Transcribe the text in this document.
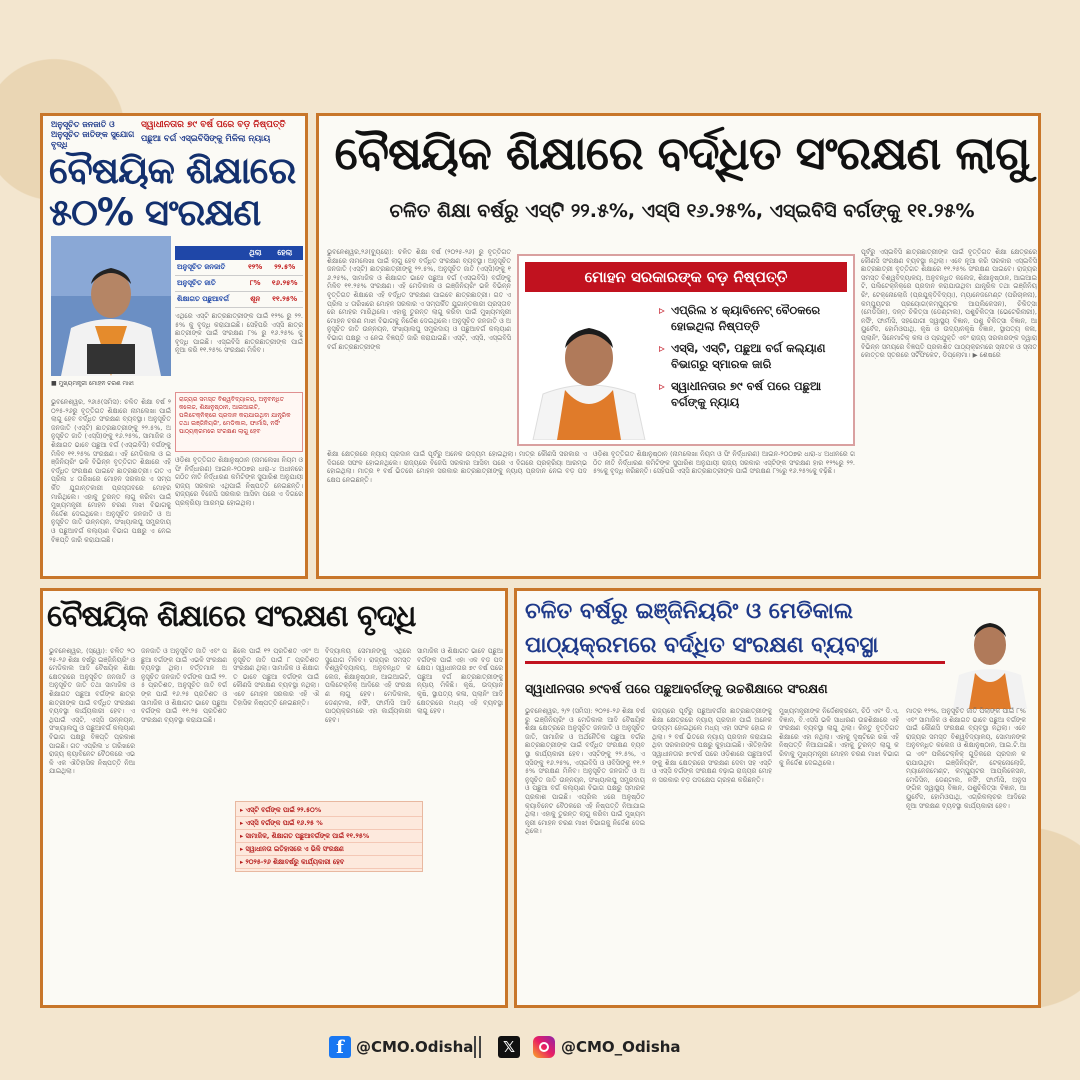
ଅନୁସୂଚିତ ଜନଜାତି ଓ ଅନୁସୂଚିତ ଜାତିଙ୍କ ସୁଯୋଗ ବୃଦ୍ଧି
ସ୍ୱାଧୀନତାର ୭୯ ବର୍ଷ ପରେ ବଡ଼ ନିଷ୍ପତ୍ତି
ପଛୁଆ ବର୍ଗ ଏସ୍‌ଇବିସିଙ୍କୁ ମିଳିଲା ନ୍ୟାୟ
ବୈଷୟିକ ଶିକ୍ଷାରେ
୫୦% ସଂରକ୍ଷଣ
■ ମୁଖ୍ୟମନ୍ତ୍ରୀ ମୋହନ ଚରଣ ମାଝୀ
	ଥିଲା	ହେଲା
ଅନୁସୂଚିତ ଜନଜାତି	୧୨%	୨୨.୫%
ଅନୁସୂଚିତ ଜାତି	୮%	୧୬.୨୫%
ଶିକ୍ଷାଗତ ପଛୁଆବର୍ଗ	ଶୂନ	୧୧.୨୫%
ଏଥିରେ ଏସ୍‌ଟି ଛାତ୍ରଛାତ୍ରୀଙ୍କ ପାଇଁ ୧୨% ରୁ ୨୨.୫% କୁ ବୃଦ୍ଧି କରାଯାଇଛି। ସେହିପରି ଏସ୍‌ସି ଛାତ୍ରଛାତ୍ରୀଙ୍କ ପାଇଁ ସଂରକ୍ଷଣ ୮% ରୁ ୧୬.୨୫% କୁ ବୃଦ୍ଧି ପାଇଛି। ଏସ୍‌ଇବିସି ଛାତ୍ରଛାତ୍ରୀଙ୍କ ପାଇଁ ନୂଆ କରି ୧୧.୨୫% ସଂରକ୍ଷଣ ମିଳିବ।
ରାଜ୍ୟର ସମସ୍ତ ବିଶ୍ୱବିଦ୍ୟାଳୟ, ଅନୁବନ୍ଧିତ କଲେଜ, ଶିକ୍ଷାନୁଷ୍ଠାନ, ଆଇଆଇଟି, ପଲିଟେକ୍‌ନିକ୍‌ରେ ପ୍ରଦାନ କରାଯାଉଥିବା ଯାନ୍ତ୍ରିକ ତଥା ଇଞ୍ଜିନିୟରିଂ, ମେଡିକାଲ, ଫାର୍ମାସି, ନର୍ସିଂ ପାଠ୍ୟକ୍ରମରେ ସଂରକ୍ଷଣ ଲାଗୁ ହେବ
ଭୁବନେଶ୍ୱର, ୨୬ା୫(ସମିସ): ଚଳିତ ଶିକ୍ଷା ବର୍ଷ ୨୦୨୫-୨୬ରୁ ବୃତ୍ତିଗତ ଶିକ୍ଷାରେ ନାମଲେଖା ପାଇଁ ଲାଗୁ ହେବ ବର୍ଦ୍ଧିତ ସଂରକ୍ଷଣ ବ୍ୟବସ୍ଥା। ଅନୁସୂଚିତ ଜନଜାତି (ଏସ୍‌ଟି) ଛାତ୍ରଛାତ୍ରୀଙ୍କୁ ୨୨.୫%, ଅନୁସୂଚିତ ଜାତି (ଏସ୍‌ସି)ଙ୍କୁ ୧୬.୨୫%, ସାମାଜିକ ଓ ଶିକ୍ଷାଗତ ଭାବେ ପଛୁଆ ବର୍ଗ (ଏସ୍‌ଇବିସି) ବର୍ଗଙ୍କୁ ମିଳିବ ୧୧.୨୫% ସଂରକ୍ଷଣ। ଏହି ମେଡିକାଲ ଓ ଇଞ୍ଜିନିୟରିଂ ଭଳି ବିଭିନ୍ନ ବୃତ୍ତିଗତ ଶିକ୍ଷାରେ ଏହି ବର୍ଦ୍ଧିତ ସଂରକ୍ଷଣ ପାଇବେ ଛାତ୍ରଛାତ୍ରୀ। ଗତ ଏପ୍ରିଲ ୪ ତାରିଖରେ ମୋହନ ସରକାର ଏ ସମ୍ପର୍କିତ ଯୁଗାନ୍ତକାରୀ ପ୍ରସ୍ତାବରେ ମୋହର ମାରିଥିଲେ। ଏହାକୁ ତୁରନ୍ତ ଲାଗୁ କରିବା ପାଇଁ ମୁଖ୍ୟମନ୍ତ୍ରୀ ମୋହନ ଚରଣ ମାଝୀ ବିଭାଗକୁ ନିର୍ଦ୍ଦେଶ ଦେଇଥିଲେ। ଅନୁସୂଚିତ ଜନଜାତି ଓ ଅନୁସୂଚିତ ଜାତି ଉନ୍ନୟନ, ସଂଖ୍ୟାଲଘୁ ସମ୍ପ୍ରଦାୟ ଓ ପଛୁଆବର୍ଗ କଲ୍ୟାଣ ବିଭାଗ ପକ୍ଷରୁ ଏ ନେଇ ବିଜ୍ଞପ୍ତି ଜାରି କରାଯାଇଛି।
ଓଡ଼ିଶା ବୃତ୍ତିଗତ ଶିକ୍ଷାନୁଷ୍ଠାନ (ନାମଲେଖା ନିୟମ ଓ ଫି ନିର୍ଦ୍ଧାରଣ) ଆଇନ-୨୦୦୭ର ଧାରା-୪ ଅଧୀନରେ ଗଠିତ ନୀତି ନିର୍ଦ୍ଧାରଣ କମିଟିଙ୍କ ସୁପାରିଶ ଅନୁଯାୟୀ ରାଜ୍ୟ ସରକାର ଏଥିପାଇଁ ନିଷ୍ପତ୍ତି ନେଇଛନ୍ତି। ରାଜ୍ୟରେ ବିଜେପି ସରକାର ଆସିବା ପରେ ଏ ଦିଗରେ ପ୍ରକ୍ରିୟା ଆରମ୍ଭ ହୋଇଥିଲା।
ବୈଷୟିକ ଶିକ୍ଷାରେ ବର୍ଦ୍ଧିତ ସଂରକ୍ଷଣ ଲାଗୁ
ଚଳିତ ଶିକ୍ଷା ବର୍ଷରୁ ଏସ୍‌ଟି ୨୨.୫%, ଏସ୍‌ସି ୧୬.୨୫%, ଏସ୍‌ଇବିସି ବର୍ଗଙ୍କୁ ୧୧.୨୫%
ଭୁବନେଶ୍ୱର,୨୬(ବ୍ୟୁରୋ): ଚଳିତ ଶିକ୍ଷା ବର୍ଷ (୨୦୨୫-୨୬) ରୁ ବୃତ୍ତିଗତ ଶିକ୍ଷାରେ ନାମଲେଖା ପାଇଁ ଲାଗୁ ହେବ ବର୍ଦ୍ଧିତ ସଂରକ୍ଷଣ ବ୍ୟବସ୍ଥା। ଅନୁସୂଚିତ ଜନଜାତି (ଏସ୍‌ଟି) ଛାତ୍ରଛାତ୍ରୀଙ୍କୁ ୨୨.୫%, ଅନୁସୂଚିତ ଜାତି (ଏସ୍‌ସି)ଙ୍କୁ ୧୬.୨୫%, ସାମାଜିକ ଓ ଶିକ୍ଷାଗତ ଭାବେ ପଛୁଆ ବର୍ଗ (ଏସ୍‌ଇବିସି) ବର୍ଗଙ୍କୁ ମିଳିବ ୧୧.୨୫% ସଂରକ୍ଷଣ। ଏହି ମେଡିକାଲ ଓ ଇଞ୍ଜିନିୟରିଂ ଭଳି ବିଭିନ୍ନ ବୃତ୍ତିଗତ ଶିକ୍ଷାରେ ଏହି ବର୍ଦ୍ଧିତ ସଂରକ୍ଷଣ ପାଇବେ ଛାତ୍ରଛାତ୍ରୀ। ଗତ ଏପ୍ରିଲ ୪ ତାରିଖରେ ମୋହନ ସରକାର ଏ ସମ୍ପର୍କିତ ଯୁଗାନ୍ତକାରୀ ପ୍ରସ୍ତାବରେ ମୋହର ମାରିଥିଲେ। ଏହାକୁ ତୁରନ୍ତ ଲାଗୁ କରିବା ପାଇଁ ମୁଖ୍ୟମନ୍ତ୍ରୀ ମୋହନ ଚରଣ ମାଝୀ ବିଭାଗକୁ ନିର୍ଦ୍ଦେଶ ଦେଇଥିଲେ। ଅନୁସୂଚିତ ଜନଜାତି ଓ ଅନୁସୂଚିତ ଜାତି ଉନ୍ନୟନ, ସଂଖ୍ୟାଲଘୁ ସମ୍ପ୍ରଦାୟ ଓ ପଛୁଆବର୍ଗ କଲ୍ୟାଣ ବିଭାଗ ପକ୍ଷରୁ ଏ ନେଇ ବିଜ୍ଞପ୍ତି ଜାରି କରାଯାଇଛି। ଏସ୍‌ଟି, ଏସ୍‌ସି, ଏସ୍‌ଇବିସି ବର୍ଗ ଛାତ୍ରଛାତ୍ରୀଙ୍କ
ମୋହନ ସରକାରଙ୍କ ବଡ଼ ନିଷ୍ପତ୍ତି
▹ ଏପ୍ରିଲ ୪ କ୍ୟାବିନେଟ୍ ବୈଠକରେ ହୋଇଥିଲା ନିଷ୍ପତ୍ତି
▹ ଏସ୍‌ସି, ଏସ୍‌ଟି, ପଛୁଆ ବର୍ଗ କଲ୍ୟାଣ ବିଭାଗରୁ ସ୍ମାରକ ଜାରି
▹ ସ୍ୱାଧୀନତାର ୭୯ ବର୍ଷ ପରେ ପଛୁଆ ବର୍ଗଙ୍କୁ ନ୍ୟାୟ
ପୂର୍ବରୁ ଏସ୍‌ଇବିସି ଛାତ୍ରଛାତ୍ରୀଙ୍କ ପାଇଁ ବୃତ୍ତିଗତ ଶିକ୍ଷା କ୍ଷେତ୍ରରେ କୌଣସି ସଂରକ୍ଷଣ ବ୍ୟବସ୍ଥା ନଥିଲା। ଏବେ ନୂଆ କରି ସରକାର ଏସ୍‌ଇବିସି ଛାତ୍ରଛାତ୍ରୀ ବୃତ୍ତିଗତ ଶିକ୍ଷାରେ ୧୧.୨୫% ସଂରକ୍ଷଣ ପାଇବେ। ରାଜ୍ୟର ସମସ୍ତ ବିଶ୍ୱବିଦ୍ୟାଳୟ, ଅନୁବନ୍ଧିତ କଲେଜ, ଶିକ୍ଷାନୁଷ୍ଠାନ, ଆଇଆଇଟି, ପଲିଟେକ୍‌ନିକ୍‌ରେ ପ୍ରଦାନ କରାଯାଉଥିବା ଯାନ୍ତ୍ରିକ ତଥା ଇଞ୍ଜିନିୟରିଂ, ଟେକ୍ନୋଲୋଜି (ପ୍ରଯୁକ୍ତିବିଦ୍ୟା), ମ୍ୟାନେଜମେଣ୍ଟ (ପରିଚାଳନା), କମ୍ପ୍ୟୁଟର ପ୍ରୟୋଗ(କମ୍ପ୍ୟୁଟର ଆପ୍ଲିକେସନ), ଚିକିତ୍ସା (ମେଡିସିନ), ଦନ୍ତ ଚିକିତ୍ସା (ଡେଣ୍ଟାଲ), ପଶୁଚିକିତ୍ସା (ଭେଟେରିନାରୀ), ନର୍ସିଂ, ଫାର୍ମାସି, ସହଯୋଗୀ ସ୍ୱାସ୍ଥ୍ୟ ବିଜ୍ଞାନ, ପଶୁ ଚିକିତ୍ସା ବିଜ୍ଞାନ, ଆୟୁର୍ବେଦ, ହୋମିଓପାଥି, କୃଷି ଓ ଉଦ୍ୟାନକୃଷି ବିଜ୍ଞାନ, ସ୍ଥାପତ୍ୟ କଳା, ପ୍ଲାନିଂ, ସିନେମାଟିକ୍ କଳା ଓ ପ୍ରଯୁକ୍ତି ଏବଂ ରାଜ୍ୟ ସରକାରଙ୍କ ଦ୍ୱାରା ବିଭିନ୍ନ ସମୟରେ ବିଜ୍ଞପ୍ତି ପ୍ରକାଶିତ ପାଠ୍ୟକ୍ରମରେ ସ୍ନାତକ ଓ ସ୍ନାତକୋତ୍ତର ସ୍ତରରେ ସର୍ଟିଫିକେଟ, ଡିପ୍ଲୋମା। ▶ ଶେଷରେ
ଶିକ୍ଷା କ୍ଷେତ୍ରରେ ନ୍ୟାୟ ପ୍ରଦାନ ପାଇଁ ପୂର୍ବରୁ ଅନେକ ଉଦ୍ୟମ ହୋଇଥିଲା। ମାତ୍ର କୌଣସି ସରକାର ଏ ଦିଗରେ ସଫଳ ହୋଇନଥିଲେ। ରାଜ୍ୟରେ ବିଜେପି ସରକାର ଆସିବା ପରେ ଏ ଦିଗରେ ପ୍ରକ୍ରିୟା ଆରମ୍ଭ ହୋଇଥିଲା। ମାତ୍ର ୧ ବର୍ଷ ଭିତରେ ମୋହନ ସରକାର ଛାତ୍ରଛାତ୍ରୀଙ୍କୁ ନ୍ୟାୟ ପ୍ରଦାନ ନେଇ ବଡ଼ ପଦକ୍ଷେପ ନେଇଛନ୍ତି।
ଓଡ଼ିଶା ବୃତ୍ତିଗତ ଶିକ୍ଷାନୁଷ୍ଠାନ (ନାମଲେଖା ନିୟମ ଓ ଫି ନିର୍ଦ୍ଧାରଣ) ଆଇନ-୨୦୦୭ର ଧାରା-୪ ଅଧୀନରେ ଗଠିତ ନୀତି ନିର୍ଦ୍ଧାରଣ କମିଟିଙ୍କ ସୁପାରିଶ ଅନୁଯାୟୀ ରାଜ୍ୟ ସରକାର ଏସ୍‌ଟିଙ୍କ ସଂରକ୍ଷଣ ହାର ୧୨%ରୁ ୨୨.୫%କୁ ବୃଦ୍ଧି କରିଛନ୍ତି। ସେହିପରି ଏସ୍‌ସି ଛାତ୍ରଛାତ୍ରୀଙ୍କ ପାଇଁ ସଂରକ୍ଷଣ ୮%ରୁ ୧୬.୨୫%କୁ ବଢ଼ିଛି।
ବୈଷୟିକ ଶିକ୍ଷାରେ ସଂରକ୍ଷଣ ବୃଦ୍ଧି
ଭୁବନେଶ୍ୱର, (ସ୍ୱୋ): ଚଳିତ ୨୦୨୫-୨୬ ଶିକ୍ଷା ବର୍ଷରୁ ଇଞ୍ଜିନିୟରିଂ ଓ ମେଡିକାଲ ଆଦି ବୈଷୟିକ ଶିକ୍ଷା କ୍ଷେତ୍ରରେ ଅନୁସୂଚିତ ଜନଜାତି ଓ ଅନୁସୂଚିତ ଜାତି ତଥା ସାମାଜିକ ଓ ଶିକ୍ଷାଗତ ପଛୁଆ ବର୍ଗଙ୍କ ଛାତ୍ରଛାତ୍ରୀଙ୍କ ପାଇଁ ବର୍ଦ୍ଧିତ ସଂରକ୍ଷଣ ବ୍ୟବସ୍ଥା କାର୍ଯ୍ୟକାରୀ ହେବ। ଏଥିପାଇଁ ଏସ୍‌ଟି, ଏସ୍‌ସି ଉନ୍ନୟନ, ସଂଖ୍ୟାଲଘୁ ଓ ପଛୁଆବର୍ଗ କଲ୍ୟାଣ ବିଭାଗ ପକ୍ଷରୁ ବିଜ୍ଞପ୍ତି ପ୍ରକାଶ ପାଇଛି। ଗତ ଏପ୍ରିଲ ୪ ତାରିଖରେ ରାଜ୍ୟ କ୍ୟାବିନେଟ ବୈଠକରେ ଏଭଳି ଏକ ଐତିହାସିକ ନିଷ୍ପତ୍ତି ନିଆଯାଇଥିଲା।
ଜନଜାତି ଓ ଅନୁସୂଚିତ ଜାତି ଏବଂ ପଛୁଆ ବର୍ଗଙ୍କ ପାଇଁ ଏଭଳି ସଂରକ୍ଷଣ ବ୍ୟବସ୍ଥା ଥିଲା। ବର୍ତ୍ତମାନ ଅନୁସୂଚିତ ଜନଜାତି ବର୍ଗଙ୍କ ପାଇଁ ୨୨.୫ ପ୍ରତିଶତ, ଅନୁସୂଚିତ ଜାତି ବର୍ଗଙ୍କ ପାଇଁ ୧୬.୨୫ ପ୍ରତିଶତ ଓ ସାମାଜିକ ଓ ଶିକ୍ଷାଗତ ଭାବେ ପଛୁଆ ବର୍ଗଙ୍କ ପାଇଁ ୧୧.୨୫ ପ୍ରତିଶତ ସଂରକ୍ଷଣ ବ୍ୟବସ୍ଥା କରାଯାଇଛି।
ଛିଲେ ପାଇଁ ୧୨ ପ୍ରତିଶତ ଏବଂ ଅନୁସୂଚିତ ଜାତି ପାଇଁ ୮ ପ୍ରତିଶତ ସଂରକ୍ଷଣ ଥିଲା। ସାମାଜିକ ଓ ଶିକ୍ଷାଗତ ଭାବେ ପଛୁଆ ବର୍ଗଙ୍କ ପାଇଁ କୌଣସି ସଂରକ୍ଷଣ ବ୍ୟବସ୍ଥା ନଥିଲା। ଏବେ ମୋହନ ସରକାର ଏହି ଐତିହାସିକ ନିଷ୍ପତ୍ତି ନେଇଛନ୍ତି।
ବିଦ୍ୟାଳୟ ସେମାନଙ୍କୁ ଏଥିରେ ସୁଯୋଗ ମିଳିବ। ରାଜ୍ୟର ସମସ୍ତ ବିଶ୍ୱବିଦ୍ୟାଳୟ, ଅନୁବନ୍ଧିତ କଲେଜ, ଶିକ୍ଷାନୁଷ୍ଠାନ, ଆଇଆଇଟି, ପଲିଟେକ୍‌ନିକ୍ ଆଦିରେ ଏହି ସଂରକ୍ଷଣ ଲାଗୁ ହେବ। ମେଡିକାଲ, ଡେଣ୍ଟାଲ, ନର୍ସିଂ, ଫାର୍ମାସି ଆଦି ପାଠ୍ୟକ୍ରମରେ ଏହା କାର୍ଯ୍ୟକାରୀ ହେବ।
ସାମାଜିକ ଓ ଶିକ୍ଷାଗତ ଭାବେ ପଛୁଆ ବର୍ଗଙ୍କ ପାଇଁ ଏହା ଏକ ବଡ଼ ପଦକ୍ଷେପ। ସ୍ୱାଧୀନତାର ୭୯ ବର୍ଷ ପରେ ପଛୁଆ ବର୍ଗ ଛାତ୍ରଛାତ୍ରୀଙ୍କୁ ନ୍ୟାୟ ମିଳିଛି। କୃଷି, ଉଦ୍ୟାନ କୃଷି, ସ୍ଥାପତ୍ୟ କଳା, ପ୍ଲାନିଂ ଆଦି କ୍ଷେତ୍ରରେ ମଧ୍ୟ ଏହି ବ୍ୟବସ୍ଥା ଲାଗୁ ହେବ।
▸ ଏସ୍‌ଟି ବର୍ଗଙ୍କ ପାଇଁ ୨୨.୫୦%
▸ ଏସ୍‌ସି ବର୍ଗଙ୍କ ପାଇଁ ୧୬.୨୫ %
▸ ସାମାଜିକ, ଶିକ୍ଷାଗତ ପଛୁଆବର୍ଗଙ୍କ ପାଇଁ ୧୧.୨୫%
▸ ସ୍ୱାଧୀନତା ଇତିହାସରେ ଏ ଭିଳି ସଂରକ୍ଷଣ
▸ ୨୦୨୫-୨୬ ଶିକ୍ଷାବର୍ଷରୁ କାର୍ଯ୍ୟକାରୀ ହେବ
ଚଳିତ ବର୍ଷରୁ ଇଞ୍ଜିନିୟରିଂ ଓ ମେଡିକାଲ
ପାଠ୍ୟକ୍ରମରେ ବର୍ଦ୍ଧିତ ସଂରକ୍ଷଣ ବ୍ୟବସ୍ଥା
ସ୍ୱାଧୀନତାର ୭୯ବର୍ଷ ପରେ ପଛୁଆବର୍ଗଙ୍କୁ ଉଚ୍ଚଶିକ୍ଷାରେ ସଂରକ୍ଷଣ
ଭୁବନେଶ୍ୱର, ୨/୨ (ସମିସ): ୨୦୨୫-୨୬ ଶିକ୍ଷା ବର୍ଷରୁ ଇଞ୍ଜିନିୟରିଂ ଓ ମେଡିକାଲ ଆଦି ବୈଷୟିକ ଶିକ୍ଷା କ୍ଷେତ୍ରରେ ଅନୁସୂଚିତ ଜନଜାତି ଓ ଅନୁସୂଚିତ ଜାତି, ସାମାଜିକ ଓ ଅର୍ଥନୈତିକ ପଛୁଆ ବର୍ଗର ଛାତ୍ରଛାତ୍ରୀଙ୍କ ପାଇଁ ବର୍ଦ୍ଧିତ ସଂରକ୍ଷଣ ବ୍ୟବସ୍ଥା କାର୍ଯ୍ୟକାରୀ ହେବ। ଏସ୍‌ଟିଙ୍କୁ ୨୨.୫%, ଏସ୍‌ସିଙ୍କୁ ୧୬.୨୫%, ଏସ୍‌ଇବିସି ଓ ଓବିସିଙ୍କୁ ୧୧.୨୫% ସଂରକ୍ଷଣ ମିଳିବ। ଅନୁସୂଚିତ ଜନଜାତି ଓ ଅନୁସୂଚିତ ଜାତି ଉନ୍ନୟନ, ସଂଖ୍ୟାଲଘୁ ସମ୍ପ୍ରଦାୟ ଓ ପଛୁଆ ବର୍ଗ କଲ୍ୟାଣ ବିଭାଗ ପକ୍ଷରୁ ସ୍ମାରକ ପ୍ରକାଶ ପାଇଛି। ଏପ୍ରିଲ ୪ରେ ଅନୁଷ୍ଠିତ କ୍ୟାବିନେଟ ବୈଠକରେ ଏହି ନିଷ୍ପତ୍ତି ନିଆଯାଇଥିଲା। ଏହାକୁ ତୁରନ୍ତ ଲାଗୁ କରିବା ପାଇଁ ମୁଖ୍ୟମନ୍ତ୍ରୀ ମୋହନ ଚରଣ ମାଝୀ ବିଭାଗକୁ ନିର୍ଦ୍ଦେଶ ଦେଇଥିଲେ।
ରାଜ୍ୟରେ ପୂର୍ବରୁ ପଛୁଆବର୍ଗର ଛାତ୍ରଛାତ୍ରୀଙ୍କୁ ଶିକ୍ଷା କ୍ଷେତ୍ରରେ ନ୍ୟାୟ ପ୍ରଦାନ ପାଇଁ ଅନେକ ଉଦ୍ୟମ ହୋଇଥିଲେ ମଧ୍ୟ ଏହା ସଫଳ ହୋଇ ନଥିଲା। ୨ ବର୍ଷ ଭିତରେ ନ୍ୟାୟ ପ୍ରଦାନ କରାଯାଇଥିବା ସରକାରଙ୍କ ପକ୍ଷରୁ କୁହାଯାଇଛି। ଐତିହାସିକ ସ୍ୱାଧୀନତାର ୭୯ବର୍ଷ ପରେ ଓଡ଼ିଶାରେ ପଛୁଆବର୍ଗଙ୍କୁ ଶିକ୍ଷା କ୍ଷେତ୍ରରେ ସଂରକ୍ଷଣ ଦେବା ସହ ଏସ୍‌ଟି ଓ ଏସ୍‌ସି ବର୍ଗଙ୍କ ସଂରକ୍ଷଣ ବଢ଼ାଇ ରାଜ୍ୟର ମୋହନ ସରକାର ବଡ଼ ପଦକ୍ଷେପ ଗ୍ରହଣ କରିଛନ୍ତି।
ମୁଖ୍ୟମନ୍ତ୍ରୀଙ୍କ ନିର୍ଦ୍ଦେଶକ୍ରମେ, ଚିଠି ଏବଂ ଡି.ଏ, ବିଜ୍ଞାନ, ବି.ଏସସି ଭଳି ସାଧାରଣ ଉଚ୍ଚଶିକ୍ଷାରେ ଏହି ସଂରକ୍ଷଣ ବ୍ୟବସ୍ଥା ଲାଗୁ ଥିଲା। କିନ୍ତୁ ବୃତ୍ତିଗତ ଶିକ୍ଷାରେ ଏହା ନଥିଲା। ଏହାକୁ ଦୃଷ୍ଟିରେ ରଖି ଏହି ନିଷ୍ପତ୍ତି ନିଆଯାଇଛି। ଏହାକୁ ତୁରନ୍ତ ଲାଗୁ କରିବାକୁ ମୁଖ୍ୟମନ୍ତ୍ରୀ ମୋହନ ଚରଣ ମାଝୀ ବିଭାଗକୁ ନିର୍ଦ୍ଦେଶ ଦେଇଥିଲେ।
ମାତ୍ର ୧୨%, ଅନୁସୂଚିତ ଜାତି ପିଲାଙ୍କ ପାଇଁ ୮% ଏବଂ ସାମାଜିକ ଓ ଶିକ୍ଷାଗତ ଭାବେ ପଛୁଆ ବର୍ଗଙ୍କ ପାଇଁ କୌଣସି ସଂରକ୍ଷଣ ବ୍ୟବସ୍ଥା ନଥିଲା। ଏବେ ରାଜ୍ୟର ସମସ୍ତ ବିଶ୍ୱବିଦ୍ୟାଳୟ, ସୋମାନଙ୍କ ଅନୁବନ୍ଧିତ କଲେଜ ଓ ଶିକ୍ଷାନୁଷ୍ଠାନ, ଆଇ.ଟି.ଆଇ ଏବଂ ପଲିଟେକ୍‌ନିକ୍ ଗୁଡ଼ିକରେ ପ୍ରଦାନ କରାଯାଉଥିବା ଇଞ୍ଜିନିୟରିଂ, ଟେକ୍ନୋଲୋଜି, ମ୍ୟାନେଜମେଣ୍ଟ, କମ୍ପ୍ୟୁଟର ଆପ୍ଲିକେସନ, ମେଡିସିନ, ଡେଣ୍ଟାଲ, ନର୍ସିଂ, ଫାର୍ମାସି, ଅନୁସଙ୍ଗିକ ସ୍ୱାସ୍ଥ୍ୟ ବିଜ୍ଞାନ, ପଶୁଚିକିତ୍ସା ବିଜ୍ଞାନ, ଆୟୁର୍ବେଦ, ହୋମିଓପାଥି, ଏଗ୍ରିକଲ୍ଚର ଆଦିରେ ନୂଆ ସଂରକ୍ଷଣ ବ୍ୟବସ୍ଥା କାର୍ଯ୍ୟକାରୀ ହେବ।
f @CMO.Odisha	𝕏	@CMO_Odisha
